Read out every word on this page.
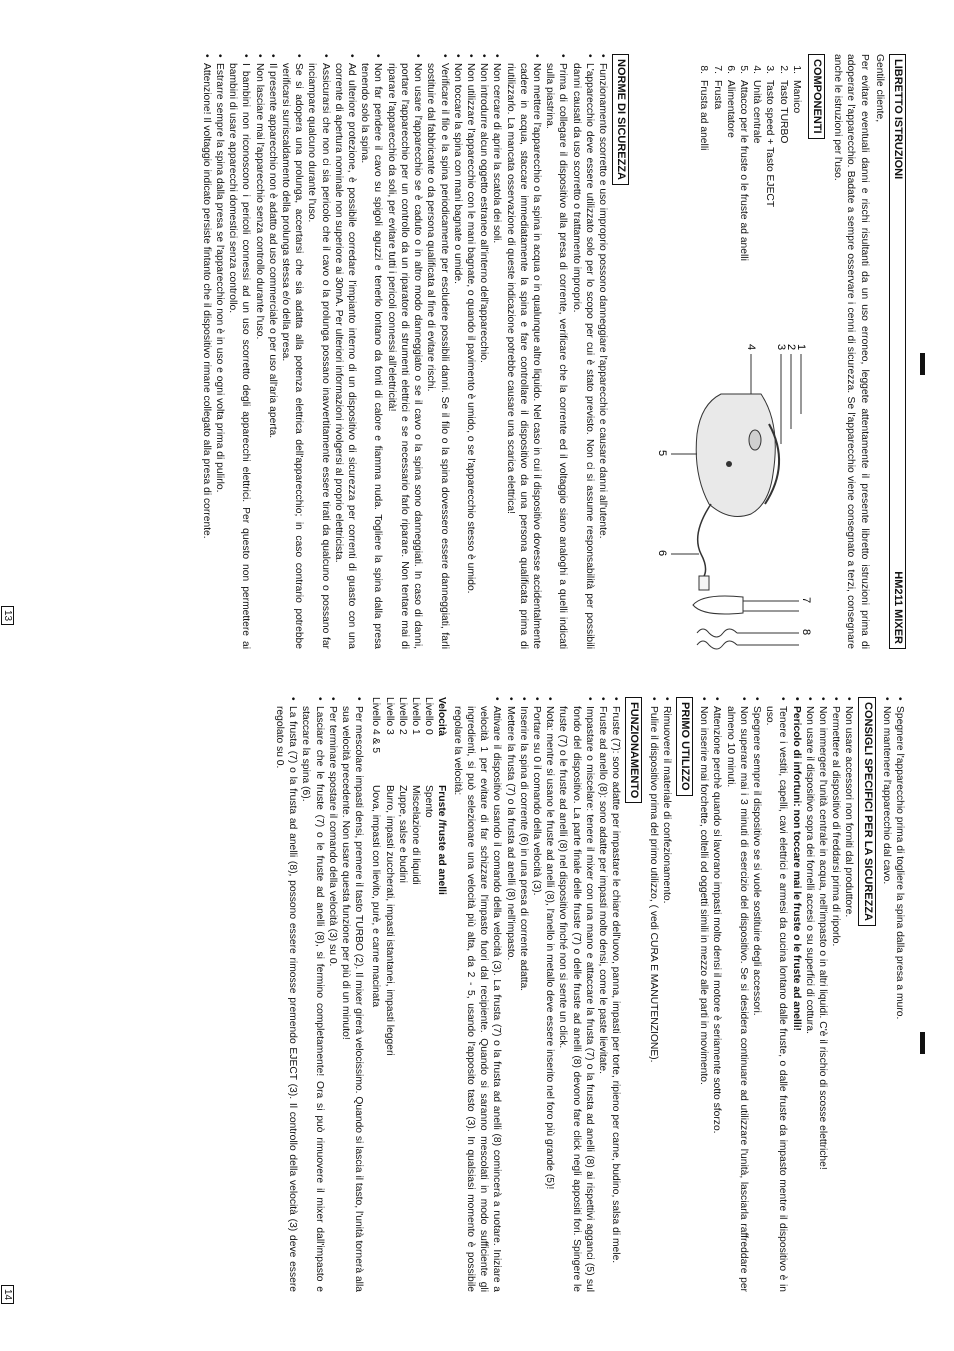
LIBRETTO ISTRUZIONI
HM211 MIXER

Gentile cliente,

Per evitare eventuali danni e rischi risultanti da un uso erroneo, leggete attentamente il presente libretto istruzioni prima di adoperare l'apparecchio. Badate a sempre osservare i cenni di sicurezza. Se l'apparecchio viene consegnato a terzi, consegnare anche le istruzioni per l'uso.

COMPONENTI
1.
Manico
2.
Tasto TURBO
3.
Tasto speed + Tasto EJECT
4.
Unità centrale
5.
Attacco per le fruste o le fruste ad anelli
6.
Alimentatore
7.
Frusta
8.
Frusta ad anelli
1
2
3
4
5
6
7
8
NORME DI SICUREZZA
• Funzionamento scorretto e uso improprio possono danneggiare l'apparecchio e causare danni all'utente.
• L'apparecchio deve essere utilizzato solo per lo scopo per cui è stato previsto. Non ci si assume responsabilità per possibili danni causati da uso scorretto o trattamento improprio.
• Prima di collegare il dispositivo alla presa di corrente, verificare che la corrente ed il voltaggio siano analoghi a quelli indicati sulla piastrina.
• Non mettere l'apparecchio o la spina in acqua o in qualunque altro liquido. Nel caso in cui il dispositivo dovesse accidentalmente cadere in acqua, staccare immediatamente la spina e fare controllare il dispositivo da una persona qualificata prima di riutilizzarlo. La mancata osservazione di queste indicazione potrebbe causare una scarica elettrica!
• Non cercare di aprire la scatola dei soli.
• Non introdurre alcun oggetto estraneo all'interno dell'apparecchio.
• Non utilizzare l'apparecchio con le mani bagnate, o quando il pavimento è umido, o se l'apparecchio stesso è umido.
• Non toccare la spina con mani bagnate o umide.
• Verificare il filo e la spina periodicamente per escludere possibili danni. Se il filo o la spina dovessero essere danneggiati, farli sostituire dal fabbricante o da persona qualificata al fine di evitare rischi.
• Non usare l'apparecchio se è caduto o in altro modo danneggiato o se il cavo o la spina sono danneggiati. In caso di danni, portare l'apparecchio per un controllo da un riparatore di strumenti elettrici e se necessario farlo riparare. Non tentare mai di riparare l'apparecchio da soli, per evitare tutti i pericoli connessi all'elettricità!
• Non far pendere il cavo su spigoli aguzzi e tenerlo lontano da fonti di calore e fiamma nuda. Togliere la spina dalla presa tenendo solo la spina.
• Ad ulteriore protezione, è possibile corredare l'impianto interno di un dispositivo di sicurezza per correnti di guasto con una corrente di apertura nominale non superiore ai 30mA. Per ulteriori informazioni rivolgersi al proprio elettricista.
• Assicurarsi che non ci sia pericolo che il cavo o la prolunga possano inavvertitamente essere tirati da qualcuno o possano far inciampare qualcuno durante l'uso.
• Se si adopera una prolunga, accertarsi che sia adatta alla potenza elettrica dell'apparecchio; in caso contrario potrebbe verificarsi surriscaldamento della prolunga stessa e/o della presa.
• Il presente apparecchio non è adatto ad uso commerciale o per uso all'aria aperta.
• Non lasciare mai l'apparecchio senza controllo durante l'uso.
• I bambini non riconoscono i pericoli connessi ad un uso scorretto degli apparecchi elettrici. Per questo non permettere ai bambini di usare apparecchi domestici senza controllo.
• Estrarre sempre la spina dalla presa se l'apparecchio non è in uso e ogni volta prima di pulirlo.
• Attenzione! Il voltaggio indicato persiste fintanto che il dispositivo rimane collegato alla presa di corrente.
13
• Spegnere l'apparecchio prima di togliere la spina dalla presa a muro.
• Non mantenere l'apparecchio dal cavo.
CONSIGLI SPECIFICI PER LA SICUREZZA
• Non usare accessori non forniti dal produttore.
• Permettere al dispositivo di freddarsi prima di riporlo.
• Non immergere l'unità centrale in acqua, nell'impasto o in altri liquidi. C'è il rischio di scosse elettriche!
• Non usare il dispositivo sopra dei fornelli accesi o su superfici di cottura.
• Pericolo di infortuni: non toccare mai le fruste o le fruste ad anelli!
• Tenere i vestiti, capelli, cavi elettrici e armesi da cucina lontano dalle fruste, o dalle fruste da impasto mentre il dispositivo è in uso.
• Spegnere sempre il dispositivo se si vuole sostituire degli accessori.
• Non superare mai i 3 minuti di esercizio del dispositivo. Se si desidera continuare ad utilizzare l'unità, lasciarla raffreddare per almeno 10 minuti.
• Attenzione perchè quando si lavorano impasti molto densi il motore è seriamente sotto sforzo.
• Non inserire mai forchette, coltelli od oggetti simili in mezzo alle parti in movimento.
PRIMO UTILIZZO
• Rimuovere il materiale di confezionamento.
• Pulire il dispositivo prima del primo utilizzo, ( vedi CURA E MANUTENZIONE).
FUNZIONAMENTO
• Fruste (7): sono adatte per impastare le chiare dell'uovo, panna, impasti per torte, ripieno per carne, budino, salsa di mele.
• Fruste ad anello (8): sono adatte per impasti molto densi, come le paste lievitate.
• Impastare o miscelare: tenere il mixer con una mano e attaccare la frusta (7) o la frusta ad anelli (8) ai rispettivi agganci (5) sul fondo del dispositivo. La parte finale delle fruste (7) o delle fruste ad anelli (8) devono fare click negli appositi fori. Spingere le fruste (7) o le fruste ad anelli (8) nel dispositivo finché non si sente un click.
• Nota: mentre si usano le fruste ad anelli (8), l'anello in metallo deve essere inserito nel foro più grande (5)!
• Portare su 0 il comando della velocità (3).
• Inserire la spina di corrente (6) in una presa di corrente adatta.
• Mettere la frusta (7) o la frusta ad anelli (8) nell'impasto.
• Attivare il dispositivo usando il comando della velocità (3). La frusta (7) o la frusta ad anelli (8) comincerà a ruotare. Iniziare a velocità 1 per evitare di far schizzare l'impasto fuori dal recipiente. Quando si saranno mescolati in modo sufficiente gli ingredienti, si può selezionare una velocità più alta, da 2 - 5, usando l'apposito tasto (3). In qualsiasi momento è possibile regolare la velocità:
Velocità
Fruste /fruste ad anelli
Livello 0
Spento
Livello 1
Miscelazione di liquidi
Livello 2
Zuppe, salse e budini
Livello 3
Burro, impasti zuccherati, impasti istantanei, impasti leggeri
Livello 4 & 5
Uova, impasti con lievito, purè, e carne macinata
• Per mescolare impasti densi, premere il tasto TURBO (2). Il mixer girerà velocissimo. Quando si lascia il tasto, l'unità tornerà alla sua velocità precedente. Non usare questa funzione per più di un minuto!
• Per terminare spostare il comando della velocità (3) su 0.
• Lasciare che le fruste (7) o le fruste ad anelli (8), si fermino completamente! Ora si può rimuovere il mixer dall'impasto e staccare la spina (6).
• La frusta (7) o la frusta ad anelli (8), possono essere rimosse premendo EJECT (3). Il controllo della velocità (3) deve essere regolato su 0.
14
